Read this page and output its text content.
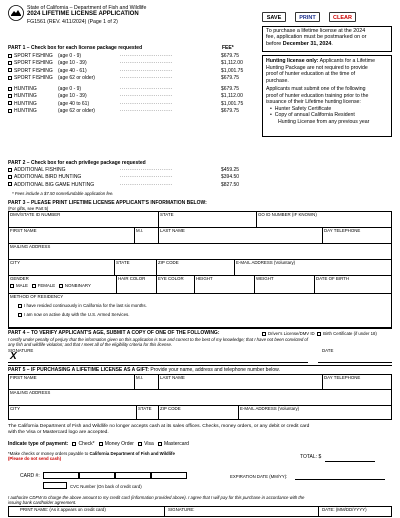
State of California – Department of Fish and Wildlife
2024 LIFETIME LICENSE APPLICATION
FG1561 (REV. 4/11/2024) (Page 1 of 2)
SAVE	PRINT	CLEAR
To purchase a lifetime license at the 2024
fee, application must be postmarked on or
before December 31, 2024.
PART 1 – Check box for each license package requested	FEE*
SPORT FISHING (age 0 - 9)	............................	$679.75
SPORT FISHING (age 10 - 39)	............................	$1,112.00
SPORT FISHING (age 40 - 61)	............................	$1,001.75
SPORT FISHING (age 62 or older)	............................	$679.75
HUNTING	(age 0 - 9)	............................	$679.75
HUNTING	(age 10 - 39)	............................	$1,112.00
HUNTING	(age 40 to 61)	............................	$1,001.75
HUNTING	(age 62 or older)	............................	$679.75
Hunting license only: Applicants for a Lifetime
Hunting Package are not required to provide
proof of hunter education at the time of
purchase.
Applicants must submit one of the following
proof of hunter education training prior to the
issuance of their Lifetime hunting license:
•  Hunter Safety Certificate
•  Copy of annual California Resident
Hunting License from any previous year
PART 2 – Check box for each privilege package requested
ADDITIONAL FISHING	............................	$459.25
ADDITIONAL BIRD HUNTING	............................	$394.50
ADDITIONAL BIG GAME HUNTING	............................	$827.50
* Fees include a $7.50 nonrefundable application fee.
PART 3 – PLEASE PRINT LIFETIME LICENSE APPLICANT'S INFORMATION BELOW:
(For gifts, see Part 5)
DMV/STATE ID NUMBER	STATE	GO ID NUMBER (IF KNOWN)
FIRST NAME	M.I.	LAST NAME	DAY TELEPHONE
MAILING ADDRESS
CITY	STATE	ZIP CODE	E-MAIL ADDRESS (Voluntary)
GENDER
MALE FEMALE NONBINARY
HAIR COLOR	EYE COLOR	HEIGHT	WEIGHT	DATE OF BIRTH
METHOD OF RESIDENCY
I have resided continuously in California for the last six months.
I am now on active duty with the U.S. Armed Services.
PART 4 – TO VERIFY APPLICANT'S AGE, SUBMIT A COPY OF ONE OF THE FOLLOWING:	Driver's License/DMV ID Birth Certificate (if under 18)
I certify under penalty of perjury that the information given on this application is true and correct to the best of my knowledge; that I have not been convicted of
any fish and wildlife violation; and that I meet all of the eligibility criteria for this license.
SIGNATURE
X
DATE
PART 5 – IF PURCHASING A LIFETIME LICENSE AS A GIFT: Provide your name, address and telephone number below.
FIRST NAME	M.I.	LAST NAME	DAY TELEPHONE
MAILING ADDRESS
CITY	STATE ZIP CODE	E-MAIL ADDRESS (Voluntary)
The California Department of Fish and Wildlife no longer accepts cash at its sales offices. Checks, money orders, or any debit or credit card
with the Visa or Mastercard logo are accepted.
Indicate type of payment: Check* Money Order Visa Mastercard
*Make checks or money orders payable to California Department of Fish and Wildlife
(Please do not send cash)	TOTAL: $
CARD #:	EXPIRATION DATE (MM/YY):
CVC Number (On back of credit card)
I authorize CDFW to charge the above amount to my credit card (information provided above). I agree that I will pay for this purchase in accordance with the
issuing bank cardholder agreement.
PRINT NAME: (As it appears on credit card)	SIGNATURE:	DATE: (MM/DD/YYYY)
